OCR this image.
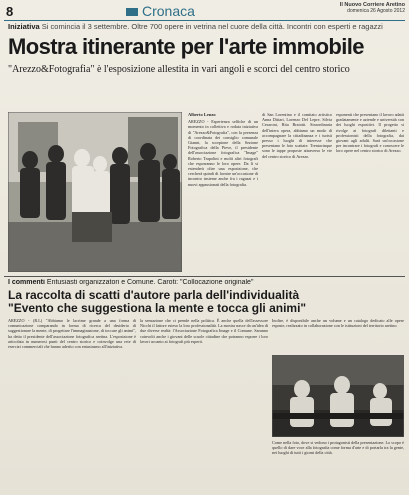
8	Cronaca	Il Nuovo Corriere Aretino
domenica 26 Agosto 2012
Iniziativa Si comincia il 3 settembre. Oltre 700 opere in vetrina nel cuore della città. Incontri con esperti e ragazzi
Mostra itinerante per l'arte immobile
"Arezzo&Fotografia" è l'esposizione allestita in vari angoli e scorci del centro storico
Alberto Lenzo
AREZZO - Esperienza selfiche di un momento in collettiva e rodata iniziativa di "Arezzo&Fotografia", con la presenza di coordinata dei consiglio comunale Gianni, la scorpione della Sezione Fotografica della Pieve, il presidente dell'associazione fotografica "Image" Roberto Trapolini e molti altri fotografi che esporranno le loro opere. Da lì si estenderà oltre una esposizione, che cercherà quindi di fornire un'occasione di incontro insieme anche fra i ragazzi e i nuovi appassionati della fotografia.
di San Lorentino e il comitato artistico Anna Dittari, Lorenzo Del Lepre, Silvia Cesaroni, Rita Braiotti. Straordinaria dell'intera opera, abbiamo un modo di accompagnare la cittadinanza e i turisti presso i luoghi di interesse che presentano le foto scattate. Trentacinque sono le tappe proposte attraverso le vie del centro storico di Arezzo.
esponenti che presentano il lavoro adatti gradatamente e aziende e università con dei luoghi espositivi. Il progetto si rivolge ai fotografi dilettanti e professionisti della fotografia, dai giovani agli adulti. Sarà un'occasione per incontrare i fotografi e conoscere le loro opere nel centro storico di Arezzo.
I commenti Entusiasti organizzatori e Comune. Caroti: "Collocazione originale"
La raccolta di scatti d'autore parla dell'individualità
"Evento che suggestiona la mente e tocca gli animi"
AREZZO - (R.L) "Abbiamo le lacrime grande a una forma di comunicazione comparando in forma di ricerca del desiderio di suggestionare la mente, di progettare l'immaginazione, di toccare gli animi", ha detto il presidente dell'associazione fotografica aretina. L'esposizione è articolata in numerosi punti del centro storico e coinvolge una rete di esercizi commerciali che hanno aderito con entusiasmo all'iniziativa.
la sensazione che ci prende nella politica. È anche quella dell'assessore Nicchi il fattore esteso la loro professionalità. La mostra nasce da un'idea di due diverse realtà: l'Associazione Fotografica Image e il Comune. Saranno coinvolti anche i giovani delle scuole cittadine che potranno esporre i loro lavori accanto ai fotografi più esperti.
Inoltre, è disponibile anche un volume e un catalogo dedicato alle opere esposte, realizzato in collaborazione con le istituzioni del territorio aretino.
Come nella foto, dove si vedono i protagonisti della presentazione. Lo scopo è quello di dare voce alla fotografia come forma d'arte e di portarla tra la gente, nei luoghi di tutti i giorni della città.
